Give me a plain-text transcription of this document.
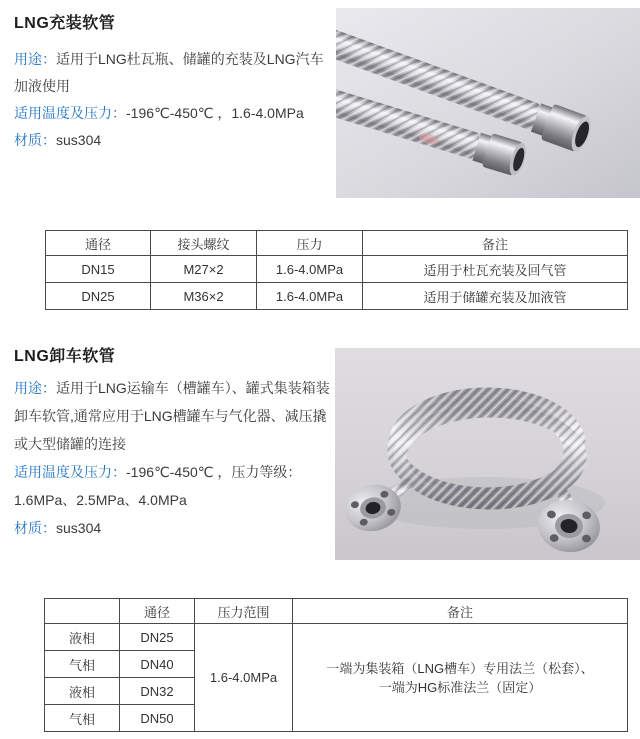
LNG充装软管

用途：适用于LNG杜瓦瓶、储罐的充装及LNG汽车加液使用

适用温度及压力：-196℃-450℃ ，1.6-4.0MPa

材质：sus304

通径	接头螺纹	压力	备注
DN15	M27×2	1.6-4.0MPa	适用于杜瓦充装及回气管
DN25	M36×2	1.6-4.0MPa	适用于储罐充装及加液管
LNG卸车软管

用途：适用于LNG运输车（槽罐车）、罐式集装箱装卸车软管,通常应用于LNG槽罐车与气化器、减压撬或大型储罐的连接

适用温度及压力：-196℃-450℃ ，压力等级：1.6MPa、2.5MPa、4.0MPa

材质：sus304

	通径	压力范围	备注
液相	DN25	1.6-4.0MPa	一端为集装箱（LNG槽车）专用法兰（松套）、
一端为HG标准法兰（固定）

气相	DN40		
液相	DN32		
气相	DN50		
